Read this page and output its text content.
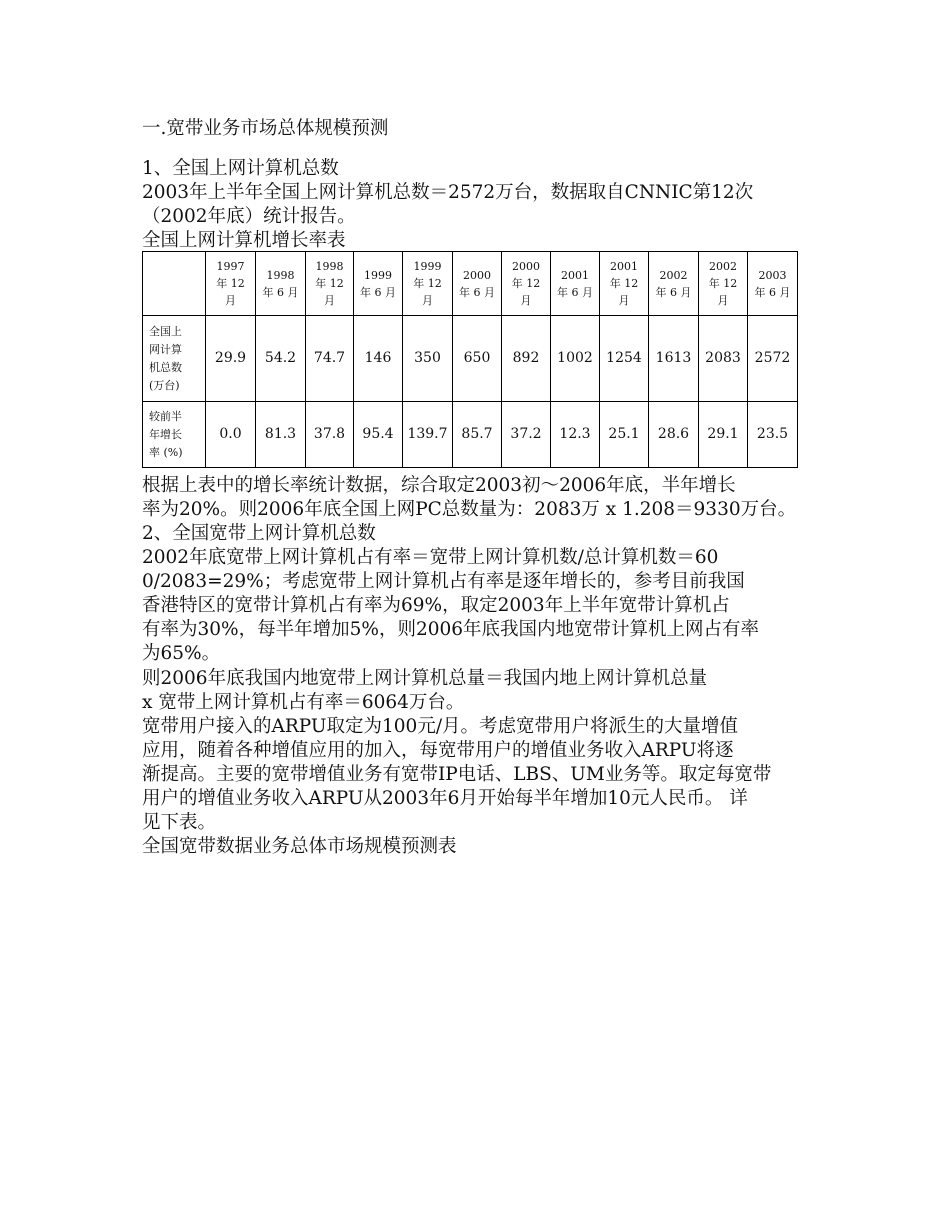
一.宽带业务市场总体规模预测
1、全国上网计算机总数
2003年上半年全国上网计算机总数＝2572万台，数据取自CNNIC第12次
（2002年底）统计报告。
全国上网计算机增长率表

	1997
年 12
月	1998
年 6 月	1998
年 12
月	1999
年 6 月	1999
年 12
月	2000
年 6 月	2000
年 12
月	2001
年 6 月	2001
年 12
月	2002
年 6 月	2002
年 12
月	2003
年 6 月

全国上
网计算
机总数
(万台)	29.9	54.2	74.7	146	350	650	892	1002	1254	1613	2083	2572

较前半
年增长
率 (%)	0.0	81.3	37.8	95.4	139.7	85.7	37.2	12.3	25.1	28.6	29.1	23.5
根据上表中的增长率统计数据，综合取定2003初～2006年底，半年增长
率为20%。则2006年底全国上网PC总数量为：2083万 x 1.208＝9330万台。
2、全国宽带上网计算机总数
2002年底宽带上网计算机占有率＝宽带上网计算机数/总计算机数＝60
0/2083=29%；考虑宽带上网计算机占有率是逐年增长的，参考目前我国
香港特区的宽带计算机占有率为69%，取定2003年上半年宽带计算机占
有率为30%，每半年增加5%，则2006年底我国内地宽带计算机上网占有率
为65%。
则2006年底我国内地宽带上网计算机总量＝我国内地上网计算机总量
x 宽带上网计算机占有率＝6064万台。
宽带用户接入的ARPU取定为100元/月。考虑宽带用户将派生的大量增值
应用，随着各种增值应用的加入，每宽带用户的增值业务收入ARPU将逐
渐提高。主要的宽带增值业务有宽带IP电话、LBS、UM业务等。取定每宽带
用户的增值业务收入ARPU从2003年6月开始每半年增加10元人民币。 详
见下表。
全国宽带数据业务总体市场规模预测表
